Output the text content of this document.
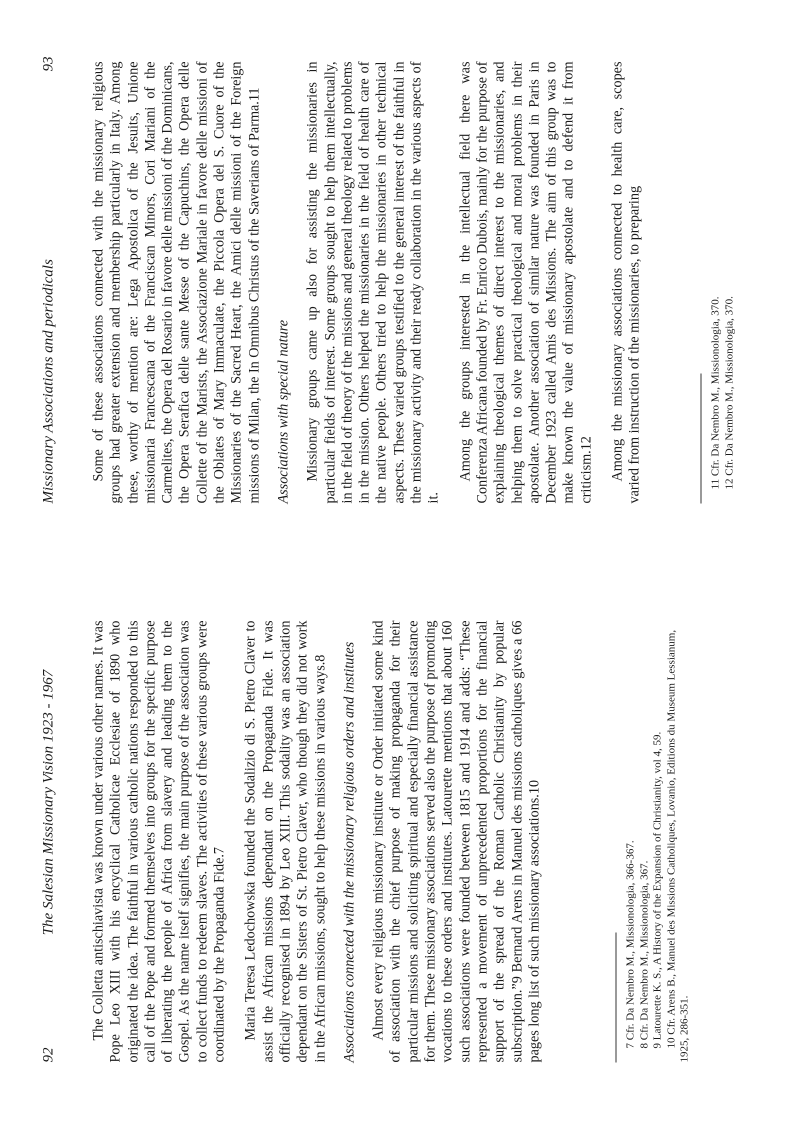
92
The Salesian Missionary Vision 1923 - 1967 The Colletta antischiavista was known under various other names. It was Pope Leo XIII with his encyclical Catholicae Ecclesiae of 1890 who originated the idea. The faithful in various catholic nations responded to this call of the Pope and formed themselves into groups for the specific purpose of liberating the people of Africa from slavery and leading them to the Gospel. As the name itself signifies, the main purpose of the association was to collect funds to redeem slaves. The activities of these various groups were coordinated by the Propaganda Fide.7 Maria Teresa Ledochowska founded the Sodalizio di S. Pietro Claver to assist the African missions dependant on the Propaganda Fide. It was officially recognised in 1894 by Leo XIII. This sodality was an association dependant on the Sisters of St. Pietro Claver, who though they did not work in the African missions, sought to help these missions in various ways.8 Associations connected with the missionary religious orders and institutes Almost every religious missionary institute or Order initiated some kind of association with the chief purpose of making propaganda for their particular missions and soliciting spiritual and especially financial assistance for them. These missionary associations served also the purpose of promoting vocations to these orders and institutes. Latourette mentions that about 160 such associations were founded between 1815 and 1914 and adds: “These represented a movement of unprecedented proportions for the financial support of the spread of the Roman Catholic Christianity by popular subscription.”9 Bernard Arens in Manuel des missions catholiques gives a 66 pages long list of such missionary associations.10	7 Cfr. Da Nembro M., Missionologia, 366-367. 8 Cfr. Da Nembro M., Missionologia, 367. 9 Latourette K. S., A History of the Expansion of Christianity, vol 4, 59. 10 Cfr. Arens B., Manuel des Missions Catholiques, Lovanio, Editions du Museum Lessianum, 1925, 286-351.
Missionary Associations and periodicals
93 Some of these associations connected with the missionary religious groups had greater extension and membership particularly in Italy. Among these, worthy of mention are: Lega Apostolica of the Jesuits, Unione missionaria Francescana of the Franciscan Minors, Cori Mariani of the Carmelites, the Opera del Rosario in favore delle missioni of the Dominicans, the Opera Serafica delle sante Messe of the Capuchins, the Opera delle Collette of the Marists, the Associazione Mariale in favore delle missioni of the Oblates of Mary Immaculate, the Piccola Opera del S. Cuore of the Missionaries of the Sacred Heart, the Amici delle missioni of the Foreign missions of Milan, the In Omnibus Christus of the Saverians of Parma.11 Associations with special nature Missionary groups came up also for assisting the missionaries in particular fields of interest. Some groups sought to help them intellectually, in the field of theory of the missions and general theology related to problems in the mission. Others helped the missionaries in the field of health care of the native people. Others tried to help the missionaries in other technical aspects. These varied groups testified to the general interest of the faithful in the missionary activity and their ready collaboration in the various aspects of it.

Among the groups interested in the intellectual field there was Conferenza Africana founded by Fr. Enrico Dubois, mainly for the purpose of explaining theological themes of direct interest to the missionaries, and helping them to solve practical theological and moral problems in their apostolate. Another association of similar nature was founded in Paris in December 1923 called Amis des Missions. The aim of this group was to make known the value of missionary apostolate and to defend it from criticism.12 Among the missionary associations connected to health care, scopes varied from instruction of the missionaries, to preparing	11 Cfr. Da Nembro M., Missionologia, 370. 12 Cfr. Da Nembro M., Missionologia, 370.
